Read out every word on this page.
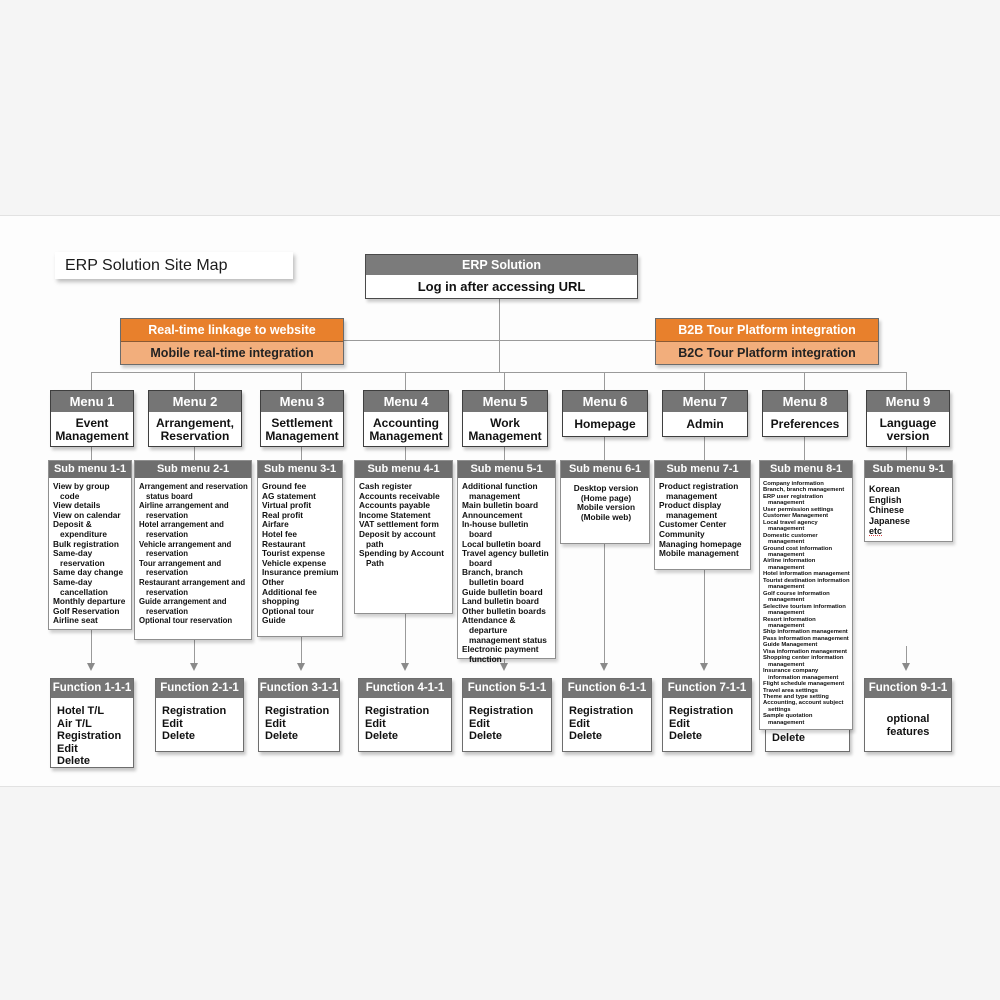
ERP Solution Site Map	ERP Solution
Log in after accessing URL
Real-time linkage to website
Mobile real-time integration
B2B Tour Platform integration
B2C Tour Platform integration
Function 1-1-1
Hotel T/L
Air T/L
Registration
Edit
Delete
Function 2-1-1
Registration
Edit
Delete
Function 3-1-1
Registration
Edit
Delete
Function 4-1-1
Registration
Edit
Delete
Function 5-1-1
Registration
Edit
Delete
Function 6-1-1
Registration
Edit
Delete
Function 7-1-1
Registration
Edit
Delete	Delete
Function 9-1-1
optional features
Menu 1
Event Management
Menu 2
Arrangement, Reservation
Menu 3
Settlement Management
Menu 4
Accounting Management
Menu 5
Work Management
Menu 6
Homepage
Menu 7
Admin
Menu 8
Preferences
Menu 9
Language version
Sub menu 1-1
View by group code
View details
View on calendar
Deposit & expenditure
Bulk registration
Same-day reservation
Same day change
Same-day cancellation
Monthly departure
Golf Reservation
Airline seat
Sub menu 2-1
Arrangement and reservation status board
Airline arrangement and reservation
Hotel arrangement and reservation
Vehicle arrangement and reservation
Tour arrangement and reservation
Restaurant arrangement and reservation
Guide arrangement and reservation
Optional tour reservation
Sub menu 3-1
Ground fee
AG statement
Virtual profit
Real profit
Airfare
Hotel fee
Restaurant
Tourist expense
Vehicle expense
Insurance premium
Other
Additional fee
shopping
Optional tour
Guide
Sub menu 4-1
Cash register
Accounts receivable
Accounts payable
Income Statement
VAT settlement form
Deposit by account path
Spending by Account Path
Sub menu 5-1
Additional function management
Main bulletin board
Announcement
In-house bulletin board
Local bulletin board
Travel agency bulletin board
Branch, branch bulletin board
Guide bulletin board
Land bulletin board
Other bulletin boards
Attendance & departure management status
Electronic payment function
Sub menu 6-1
Desktop version (Home page)
Mobile version (Mobile web)
Sub menu 7-1
Product registration management
Product display management
Customer Center
Community
Managing homepage
Mobile management
Sub menu 8-1
Company information
Branch, branch management
ERP user registration management
User permission settings
Customer Management
Local travel agency management
Domestic customer management
Ground cost information management
Airline information management
Hotel information management
Tourist destination information management
Golf course information management
Selective tourism information management
Resort information management
Ship information management
Pass information management
Guide Management
Visa information management
Shopping center information management
Insurance company information management
Flight schedule management
Travel area settings
Theme and type setting
Accounting, account subject settings
Sample quotation management
Sub menu 9-1
Korean
English
Chinese
Japanese
etc
